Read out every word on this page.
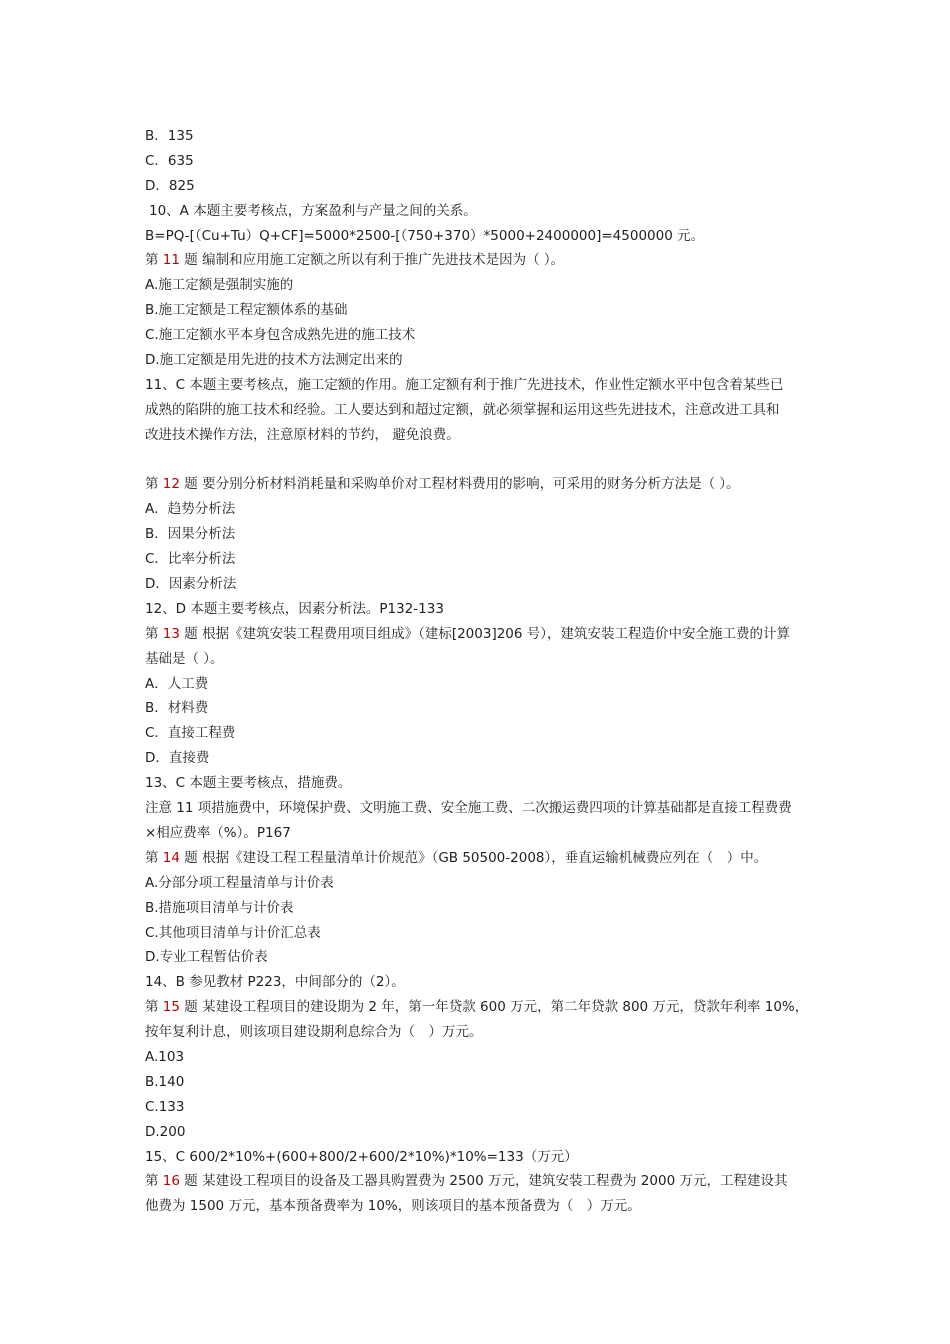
B．135
C．635
D．825
10、A 本题主要考核点，方案盈利与产量之间的关系。
B=PQ-[（Cu+Tu）Q+CF]=5000*2500-[（750+370）*5000+2400000]=4500000 元。
第 11 题 编制和应用施工定额之所以有利于推广先进技术是因为（ ）。
A.施工定额是强制实施的
B.施工定额是工程定额体系的基础
C.施工定额水平本身包含成熟先进的施工技术
D.施工定额是用先进的技术方法测定出来的
11、C 本题主要考核点，施工定额的作用。施工定额有利于推广先进技术，作业性定额水平中包含着某些已
成熟的陷阱的施工技术和经验。工人要达到和超过定额，就必须掌握和运用这些先进技术，注意改进工具和
改进技术操作方法，注意原材料的节约， 避免浪费。
第 12 题 要分别分析材料消耗量和采购单价对工程材料费用的影响，可采用的财务分析方法是（ ）。
A．趋势分析法
B．因果分析法
C．比率分析法
D．因素分析法
12、D 本题主要考核点，因素分析法。P132-133
第 13 题 根据《建筑安装工程费用项目组成》（建标[2003]206 号），建筑安装工程造价中安全施工费的计算
基础是（ ）。
A．人工费
B．材料费
C．直接工程费
D．直接费
13、C 本题主要考核点，措施费。
注意 11 项措施费中，环境保护费、文明施工费、安全施工费、二次搬运费四项的计算基础都是直接工程费费
×相应费率（%）。P167
第 14 题 根据《建设工程工程量清单计价规范》（GB 50500-2008），垂直运输机械费应列在（　）中。
A.分部分项工程量清单与计价表
B.措施项目清单与计价表
C.其他项目清单与计价汇总表
D.专业工程暂估价表
14、B 参见教材 P223，中间部分的（2）。
第 15 题 某建设工程项目的建设期为 2 年，第一年贷款 600 万元，第二年贷款 800 万元，贷款年利率 10%，
按年复利计息，则该项目建设期利息综合为（　）万元。
A.103
B.140
C.133
D.200
15、C 600/2*10%+(600+800/2+600/2*10%)*10%=133（万元）
第 16 题 某建设工程项目的设备及工器具购置费为 2500 万元，建筑安装工程费为 2000 万元，工程建设其
他费为 1500 万元，基本预备费率为 10%，则该项目的基本预备费为（　）万元。
